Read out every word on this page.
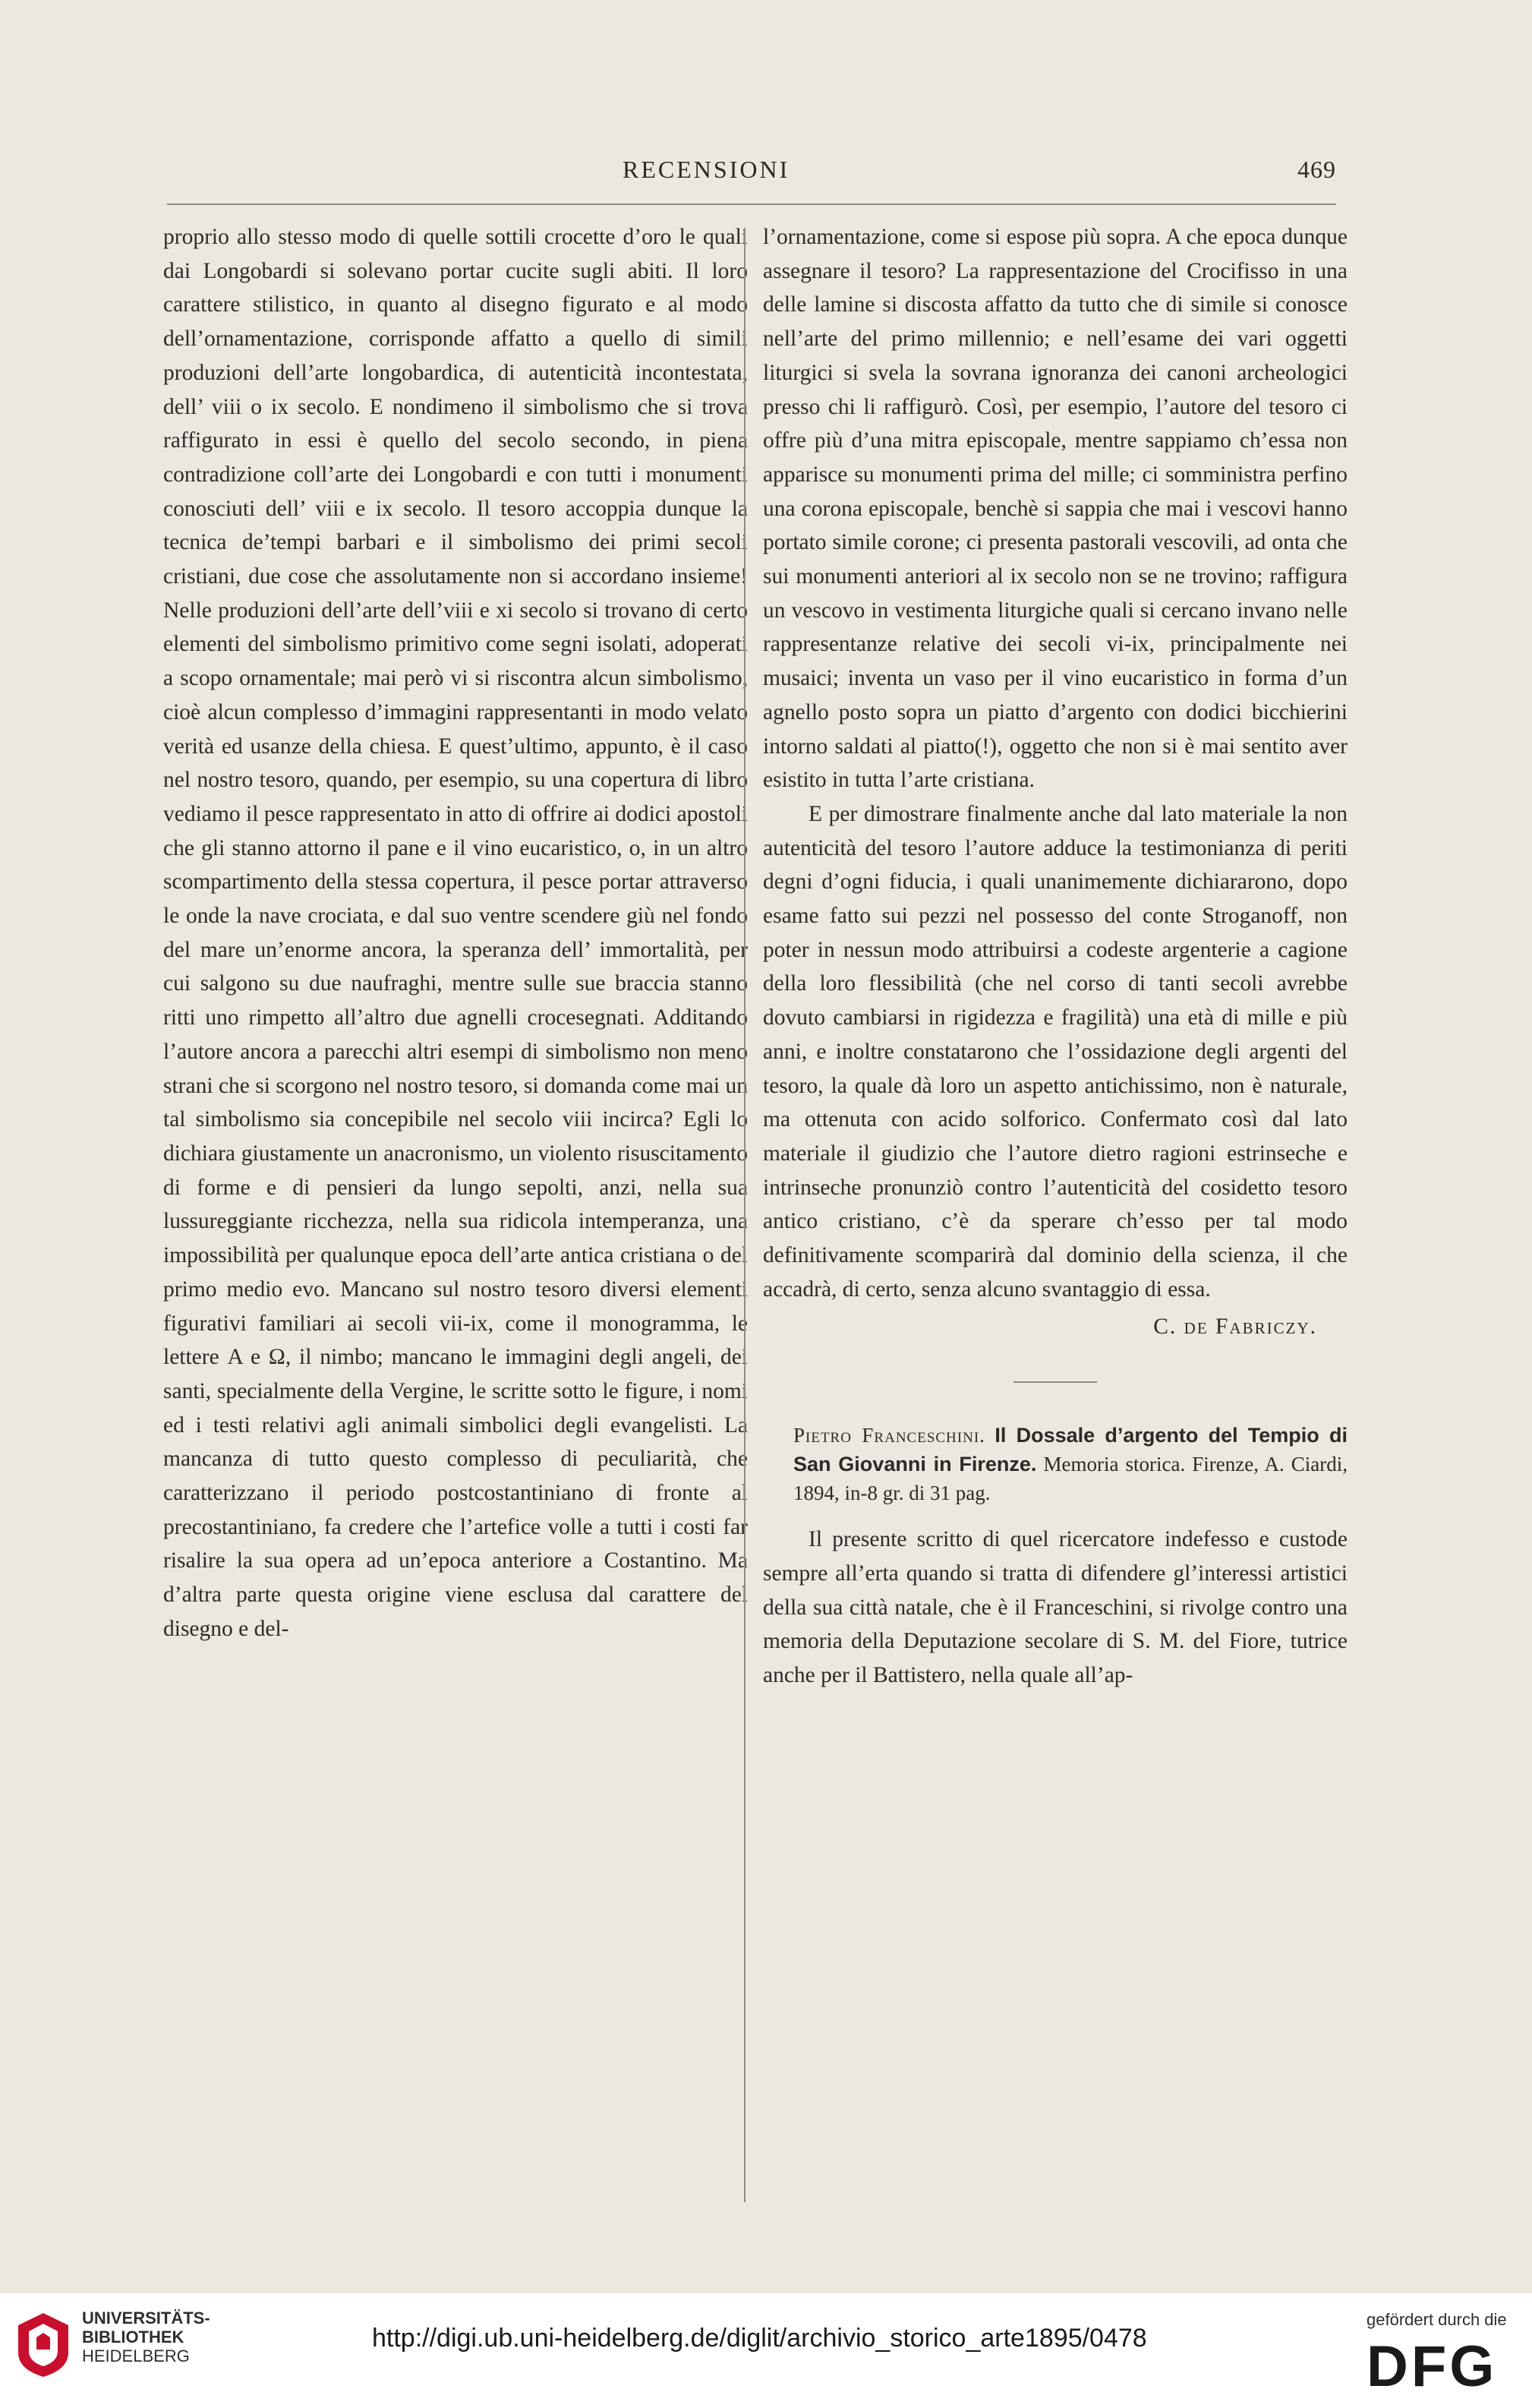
RECENSIONI	469

proprio allo stesso modo di quelle sottili crocette d’oro le quali dai Longobardi si solevano portar cucite sugli abiti. Il loro carattere stilistico, in quanto al disegno figurato e al modo dell’ornamentazione, corrisponde affatto a quello di simili produzioni dell’arte longobardica, di autenticità incontestata, dell’ viii o ix secolo. E nondimeno il simbolismo che si trova raffigurato in essi è quello del secolo secondo, in piena contradizione coll’arte dei Longobardi e con tutti i monumenti conosciuti dell’ viii e ix secolo. Il tesoro accoppia dunque la tecnica de’tempi barbari e il simbolismo dei primi secoli cristiani, due cose che assolutamente non si accordano insieme! Nelle produzioni dell’arte dell’viii e xi secolo si trovano di certo elementi del simbolismo primitivo come segni isolati, adoperati a scopo ornamentale; mai però vi si riscontra alcun simbolismo, cioè alcun complesso d’immagini rappresentanti in modo velato verità ed usanze della chiesa. E quest’ultimo, appunto, è il caso nel nostro tesoro, quando, per esempio, su una copertura di libro vediamo il pesce rappresentato in atto di offrire ai dodici apostoli che gli stanno attorno il pane e il vino eucaristico, o, in un altro scompartimento della stessa copertura, il pesce portar attraverso le onde la nave crociata, e dal suo ventre scendere giù nel fondo del mare un’enorme ancora, la speranza dell’ immortalità, per cui salgono su due naufraghi, mentre sulle sue braccia stanno ritti uno rimpetto all’altro due agnelli crocesegnati. Additando l’autore ancora a parecchi altri esempi di simbolismo non meno strani che si scorgono nel nostro tesoro, si domanda come mai un tal simbolismo sia concepibile nel secolo viii incirca? Egli lo dichiara giustamente un anacronismo, un violento risuscitamento di forme e di pensieri da lungo sepolti, anzi, nella sua lussureggiante ricchezza, nella sua ridicola intemperanza, una impossibilità per qualunque epoca dell’arte antica cristiana o del primo medio evo. Mancano sul nostro tesoro diversi elementi figurativi familiari ai secoli vii-ix, come il monogramma, le lettere Α e Ω, il nimbo; mancano le immagini degli angeli, dei santi, specialmente della Vergine, le scritte sotto le figure, i nomi ed i testi relativi agli animali simbolici degli evangelisti. La mancanza di tutto questo complesso di peculiarità, che caratterizzano il periodo postcostantiniano di fronte al precostantiniano, fa credere che l’artefice volle a tutti i costi far risalire la sua opera ad un’epoca anteriore a Costantino. Ma d’altra parte questa origine viene esclusa dal carattere del disegno e del-

l’ornamentazione, come si espose più sopra. A che epoca dunque assegnare il tesoro? La rappresentazione del Crocifisso in una delle lamine si discosta affatto da tutto che di simile si conosce nell’arte del primo millennio; e nell’esame dei vari oggetti liturgici si svela la sovrana ignoranza dei canoni archeologici presso chi li raffigurò. Così, per esempio, l’autore del tesoro ci offre più d’una mitra episcopale, mentre sappiamo ch’essa non apparisce su monumenti prima del mille; ci somministra perfino una corona episcopale, benchè si sappia che mai i vescovi hanno portato simile corone; ci presenta pastorali vescovili, ad onta che sui monumenti anteriori al ix secolo non se ne trovino; raffigura un vescovo in vestimenta liturgiche quali si cercano invano nelle rappresentanze relative dei secoli vi-ix, principalmente nei musaici; inventa un vaso per il vino eucaristico in forma d’un agnello posto sopra un piatto d’argento con dodici bicchierini intorno saldati al piatto(!), oggetto che non si è mai sentito aver esistito in tutta l’arte cristiana.

E per dimostrare finalmente anche dal lato materiale la non autenticità del tesoro l’autore adduce la testimonianza di periti degni d’ogni fiducia, i quali unanimemente dichiararono, dopo esame fatto sui pezzi nel possesso del conte Stroganoff, non poter in nessun modo attribuirsi a codeste argenterie a cagione della loro flessibilità (che nel corso di tanti secoli avrebbe dovuto cambiarsi in rigidezza e fragilità) una età di mille e più anni, e inoltre constatarono che l’ossidazione degli argenti del tesoro, la quale dà loro un aspetto antichissimo, non è naturale, ma ottenuta con acido solforico. Confermato così dal lato materiale il giudizio che l’autore dietro ragioni estrinseche e intrinseche pronunziò contro l’autenticità del cosidetto tesoro antico cristiano, c’è da sperare ch’esso per tal modo definitivamente scomparirà dal dominio della scienza, il che accadrà, di certo, senza alcuno svantaggio di essa.

C. de Fabriczy.

Pietro Franceschini. Il Dossale d’argento del Tempio di San Giovanni in Firenze. Memoria storica. Firenze, A. Ciardi, 1894, in-8 gr. di 31 pag.

Il presente scritto di quel ricercatore indefesso e custode sempre all’erta quando si tratta di difendere gl’interessi artistici della sua città natale, che è il Franceschini, si rivolge contro una memoria della Deputazione secolare di S. M. del Fiore, tutrice anche per il Battistero, nella quale all’ap-

UNIVERSITÄTS-
BIBLIOTHEK
HEIDELBERG
http://digi.ub.uni-heidelberg.de/diglit/archivio_storico_arte1895/0478
gefördert durch die
DFG
